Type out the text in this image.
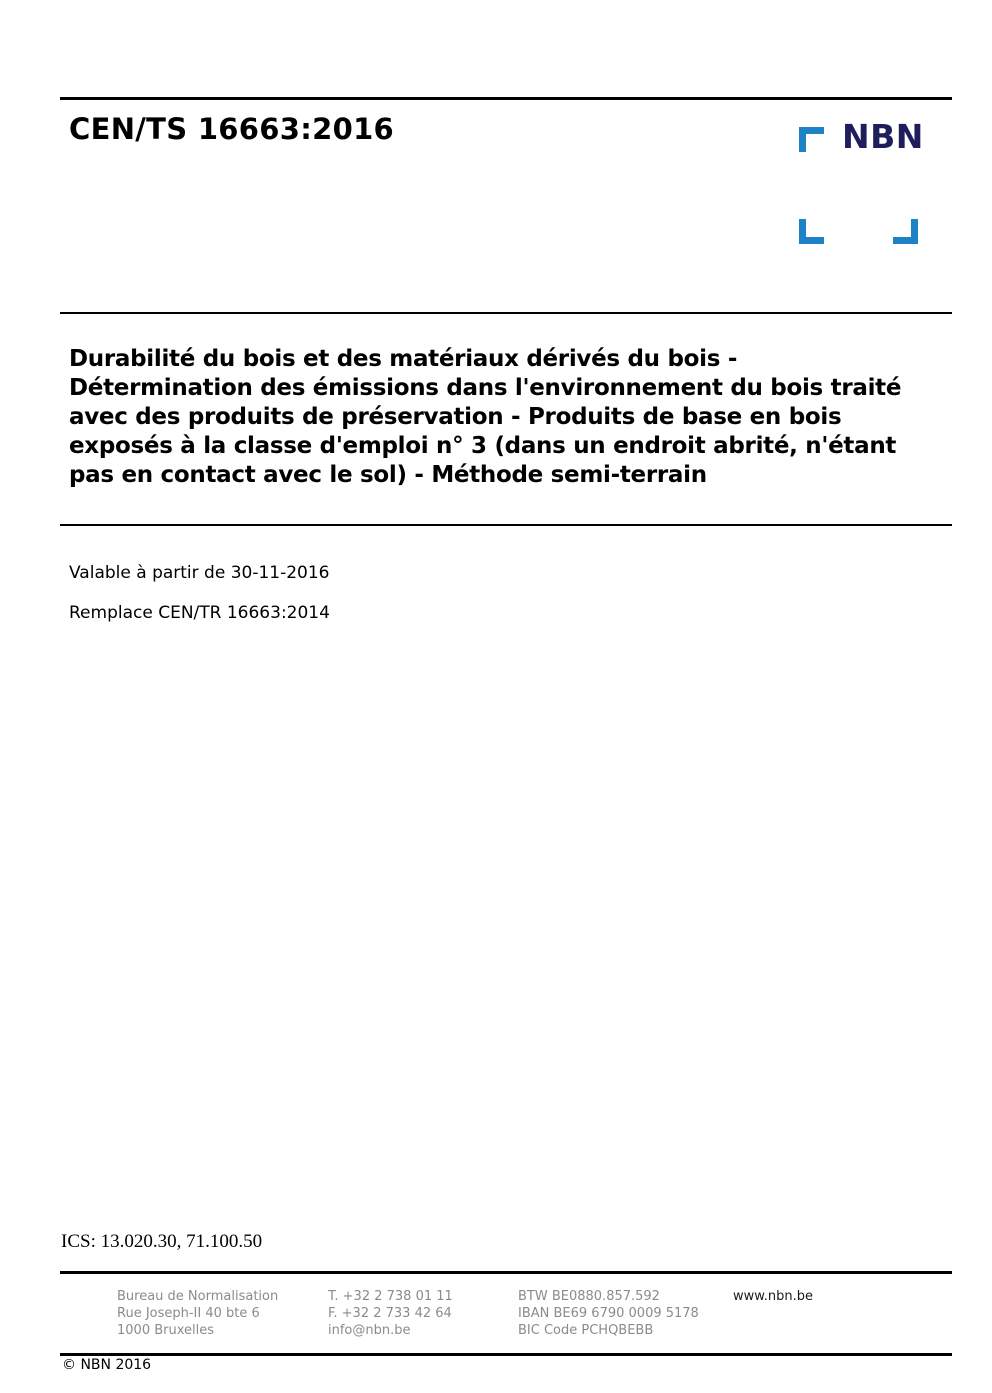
CEN/TS 16663:2016	NBN
Durabilité du bois et des matériaux dérivés du bois -
Détermination des émissions dans l'environnement du bois traité
avec des produits de préservation - Produits de base en bois
exposés à la classe d'emploi n° 3 (dans un endroit abrité, n'étant
pas en contact avec le sol) - Méthode semi-terrain
Valable à partir de 30-11-2016
Remplace CEN/TR 16663:2014
ICS: 13.020.30, 71.100.50
Bureau de Normalisation
Rue Joseph-II 40 bte 6
1000 Bruxelles
T. +32 2 738 01 11
F. +32 2 733 42 64
info@nbn.be
BTW BE0880.857.592
IBAN BE69 6790 0009 5178
BIC Code PCHQBEBB
www.nbn.be
© NBN 2016
